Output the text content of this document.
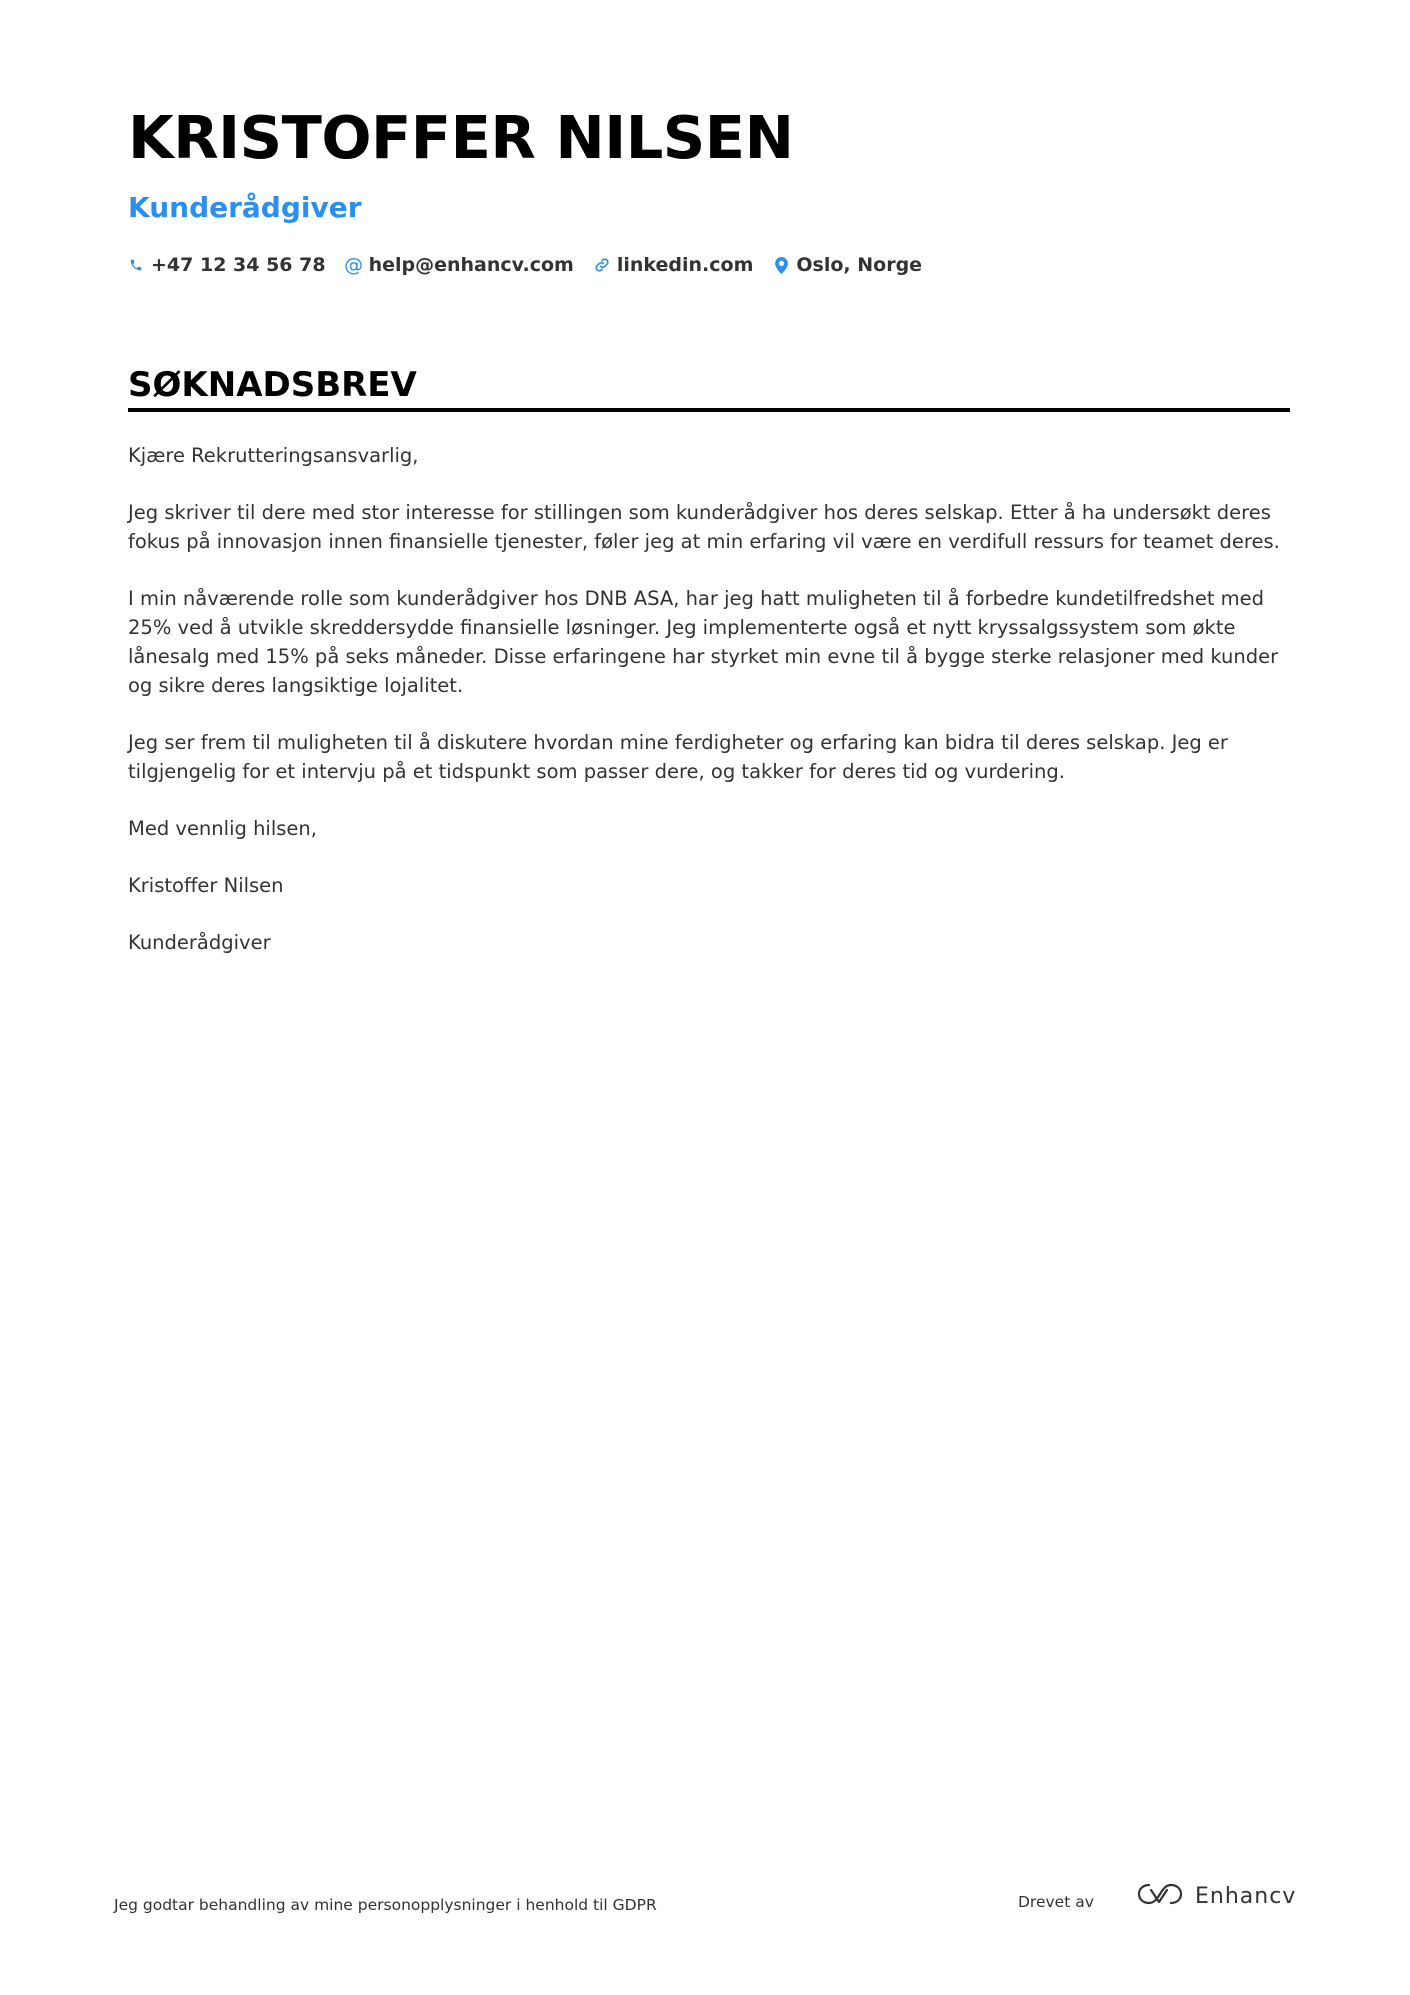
KRISTOFFER NILSEN
Kunderådgiver
+47 12 34 56 78 @ help@enhancv.com linkedin.com Oslo, Norge
SØKNADSBREV

Kjære Rekrutteringsansvarlig,

Jeg skriver til dere med stor interesse for stillingen som kunderådgiver hos deres selskap. Etter å ha undersøkt deres fokus på innovasjon innen finansielle tjenester, føler jeg at min erfaring vil være en verdifull ressurs for teamet deres.

I min nåværende rolle som kunderådgiver hos DNB ASA, har jeg hatt muligheten til å forbedre kundetilfredshet med 25% ved å utvikle skreddersydde finansielle løsninger. Jeg implementerte også et nytt kryssalgssystem som økte lånesalg med 15% på seks måneder. Disse erfaringene har styrket min evne til å bygge sterke relasjoner med kunder og sikre deres langsiktige lojalitet.

Jeg ser frem til muligheten til å diskutere hvordan mine ferdigheter og erfaring kan bidra til deres selskap. Jeg er tilgjengelig for et intervju på et tidspunkt som passer dere, og takker for deres tid og vurdering.

Med vennlig hilsen,

Kristoffer Nilsen

Kunderådgiver

Jeg godtar behandling av mine personopplysninger i henhold til GDPR	Drevet av	Enhancv
